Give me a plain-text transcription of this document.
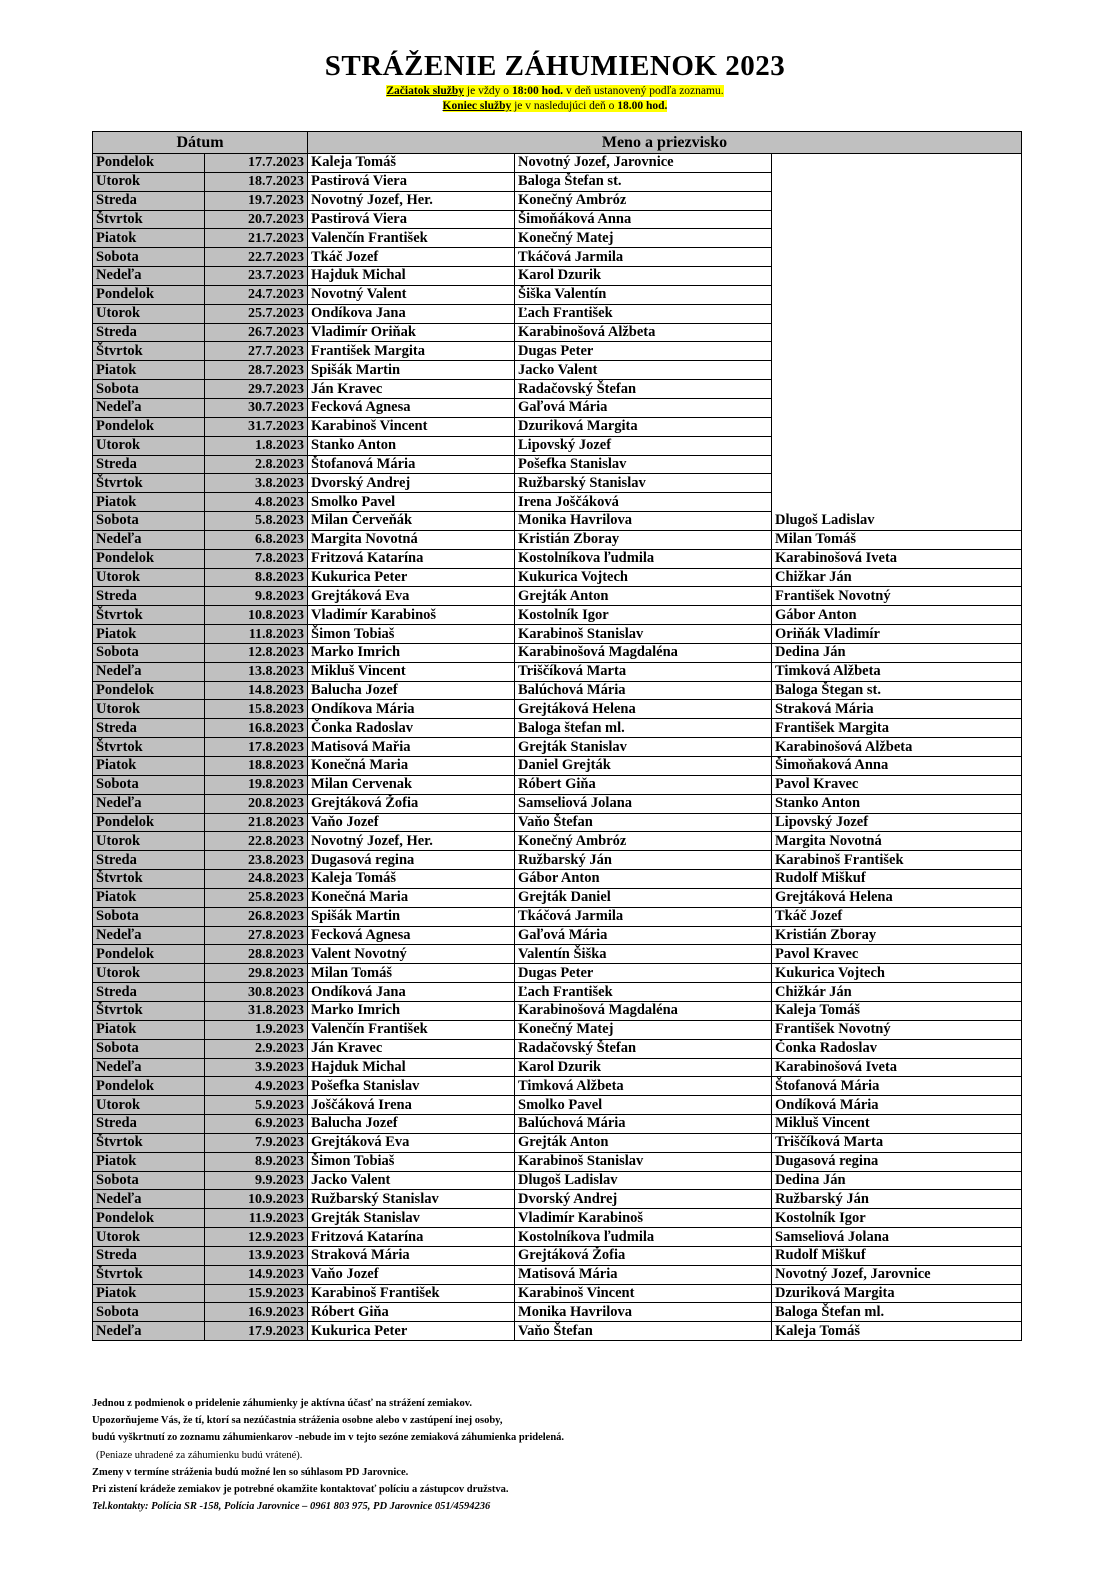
STRÁŽENIE ZÁHUMIENOK 2023
Začiatok služby je vždy o 18:00 hod. v deň ustanovený podľa zoznamu.
Koniec služby je v nasledujúci deň o 18.00 hod.
Dátum		Meno a priezvisko		
Pondelok	17.7.2023	Kaleja Tomáš	Novotný Jozef, Jarovnice	
Utorok	18.7.2023	Pastirová Viera	Baloga Štefan st.	
Streda	19.7.2023	Novotný Jozef, Her.	Konečný Ambróz	
Štvrtok	20.7.2023	Pastirová Viera	Šimoňáková Anna	
Piatok	21.7.2023	Valenčín František	Konečný Matej	
Sobota	22.7.2023	Tkáč Jozef	Tkáčová Jarmila	
Nedeľa	23.7.2023	Hajduk Michal	Karol Dzurik	
Pondelok	24.7.2023	Novotný Valent	Šiška Valentín	
Utorok	25.7.2023	Ondíkova Jana	Ľach František	
Streda	26.7.2023	Vladimír Oriňak	Karabinošová Alžbeta	
Štvrtok	27.7.2023	František Margita	Dugas Peter	
Piatok	28.7.2023	Spišák Martin	Jacko Valent	
Sobota	29.7.2023	Ján Kravec	Radačovský Štefan	
Nedeľa	30.7.2023	Fecková Agnesa	Gaľová Mária	
Pondelok	31.7.2023	Karabinoš Vincent	Dzuriková Margita	
Utorok	1.8.2023	Stanko Anton	Lipovský Jozef	
Streda	2.8.2023	Štofanová Mária	Pošefka Stanislav	
Štvrtok	3.8.2023	Dvorský Andrej	Ružbarský Stanislav	
Piatok	4.8.2023	Smolko Pavel	Irena Joščáková	
Sobota	5.8.2023	Milan Červeňák	Monika Havrilova	Dlugoš Ladislav
Nedeľa	6.8.2023	Margita Novotná	Kristián Zboray	Milan Tomáš
Pondelok	7.8.2023	Fritzová Katarína	Kostolníkova ľudmila	Karabinošová Iveta
Utorok	8.8.2023	Kukurica Peter	Kukurica Vojtech	Chižkar Ján
Streda	9.8.2023	Grejtáková Eva	Grejták Anton	František Novotný
Štvrtok	10.8.2023	Vladimír Karabinoš	Kostolník Igor	Gábor Anton
Piatok	11.8.2023	Šimon Tobiaš	Karabinoš Stanislav	Oriňák Vladimír
Sobota	12.8.2023	Marko Imrich	Karabinošová Magdaléna	Dedina Ján
Nedeľa	13.8.2023	Mikluš Vincent	Triščíková Marta	Timková Alžbeta
Pondelok	14.8.2023	Balucha Jozef	Balúchová Mária	Baloga Štegan st.
Utorok	15.8.2023	Ondíkova Mária	Grejtáková Helena	Straková Mária
Streda	16.8.2023	Čonka Radoslav	Baloga štefan ml.	František Margita
Štvrtok	17.8.2023	Matisová Mařia	Grejták Stanislav	Karabinošová Alžbeta
Piatok	18.8.2023	Konečná Maria	Daniel Grejták	Šimoňaková Anna
Sobota	19.8.2023	Milan Cervenak	Róbert Giňa	Pavol Kravec
Nedeľa	20.8.2023	Grejtáková Žofia	Samseliová Jolana	Stanko Anton
Pondelok	21.8.2023	Vaňo Jozef	Vaňo Štefan	Lipovský Jozef
Utorok	22.8.2023	Novotný Jozef, Her.	Konečný Ambróz	Margita Novotná
Streda	23.8.2023	Dugasová regina	Ružbarský Ján	Karabinoš František
Štvrtok	24.8.2023	Kaleja Tomáš	Gábor Anton	Rudolf Miškuf
Piatok	25.8.2023	Konečná Maria	Grejták Daniel	Grejtáková Helena
Sobota	26.8.2023	Spišák Martin	Tkáčová Jarmila	Tkáč Jozef
Nedeľa	27.8.2023	Fecková Agnesa	Gaľová Mária	Kristián Zboray
Pondelok	28.8.2023	Valent Novotný	Valentín Šiška	Pavol Kravec
Utorok	29.8.2023	Milan Tomáš	Dugas Peter	Kukurica Vojtech
Streda	30.8.2023	Ondíková Jana	Ľach František	Chižkár Ján
Štvrtok	31.8.2023	Marko Imrich	Karabinošová Magdaléna	Kaleja Tomáš
Piatok	1.9.2023	Valenčín František	Konečný Matej	František Novotný
Sobota	2.9.2023	Ján Kravec	Radačovský Štefan	Čonka Radoslav
Nedeľa	3.9.2023	Hajduk Michal	Karol Dzurik	Karabinošová Iveta
Pondelok	4.9.2023	Pošefka Stanislav	Timková Alžbeta	Štofanová Mária
Utorok	5.9.2023	Joščáková Irena	Smolko Pavel	Ondíková Mária
Streda	6.9.2023	Balucha Jozef	Balúchová Mária	Mikluš Vincent
Štvrtok	7.9.2023	Grejtáková Eva	Grejták Anton	Triščíková Marta
Piatok	8.9.2023	Šimon Tobiaš	Karabinoš Stanislav	Dugasová regina
Sobota	9.9.2023	Jacko Valent	Dlugoš Ladislav	Dedina Ján
Nedeľa	10.9.2023	Ružbarský Stanislav	Dvorský Andrej	Ružbarský Ján
Pondelok	11.9.2023	Grejták Stanislav	Vladimír Karabinoš	Kostolník Igor
Utorok	12.9.2023	Fritzová Katarína	Kostolníkova ľudmila	Samseliová Jolana
Streda	13.9.2023	Straková Mária	Grejtáková Žofia	Rudolf Miškuf
Štvrtok	14.9.2023	Vaňo Jozef	Matisová Mária	Novotný Jozef, Jarovnice
Piatok	15.9.2023	Karabinoš František	Karabinoš Vincent	Dzuriková Margita
Sobota	16.9.2023	Róbert Giňa	Monika Havrilova	Baloga Štefan ml.
Nedeľa	17.9.2023	Kukurica Peter	Vaňo Štefan	Kaleja Tomáš
Jednou z podmienok o pridelenie záhumienky je aktívna účasť na strážení zemiakov.
Upozorňujeme Vás, že tí, ktorí sa nezúčastnia stráženia osobne alebo v zastúpení inej osoby,
budú vyškrtnutí zo zoznamu záhumienkarov -nebude im v tejto sezóne zemiaková záhumienka pridelená.
(Peniaze uhradené za záhumienku budú vrátené).
Zmeny v termíne stráženia budú možné len so súhlasom PD Jarovnice.
Pri zistení krádeže zemiakov je potrebné okamžite kontaktovať políciu a zástupcov družstva.
Tel.kontakty: Polícia SR -158, Polícia Jarovnice – 0961 803 975, PD Jarovnice 051/4594236
